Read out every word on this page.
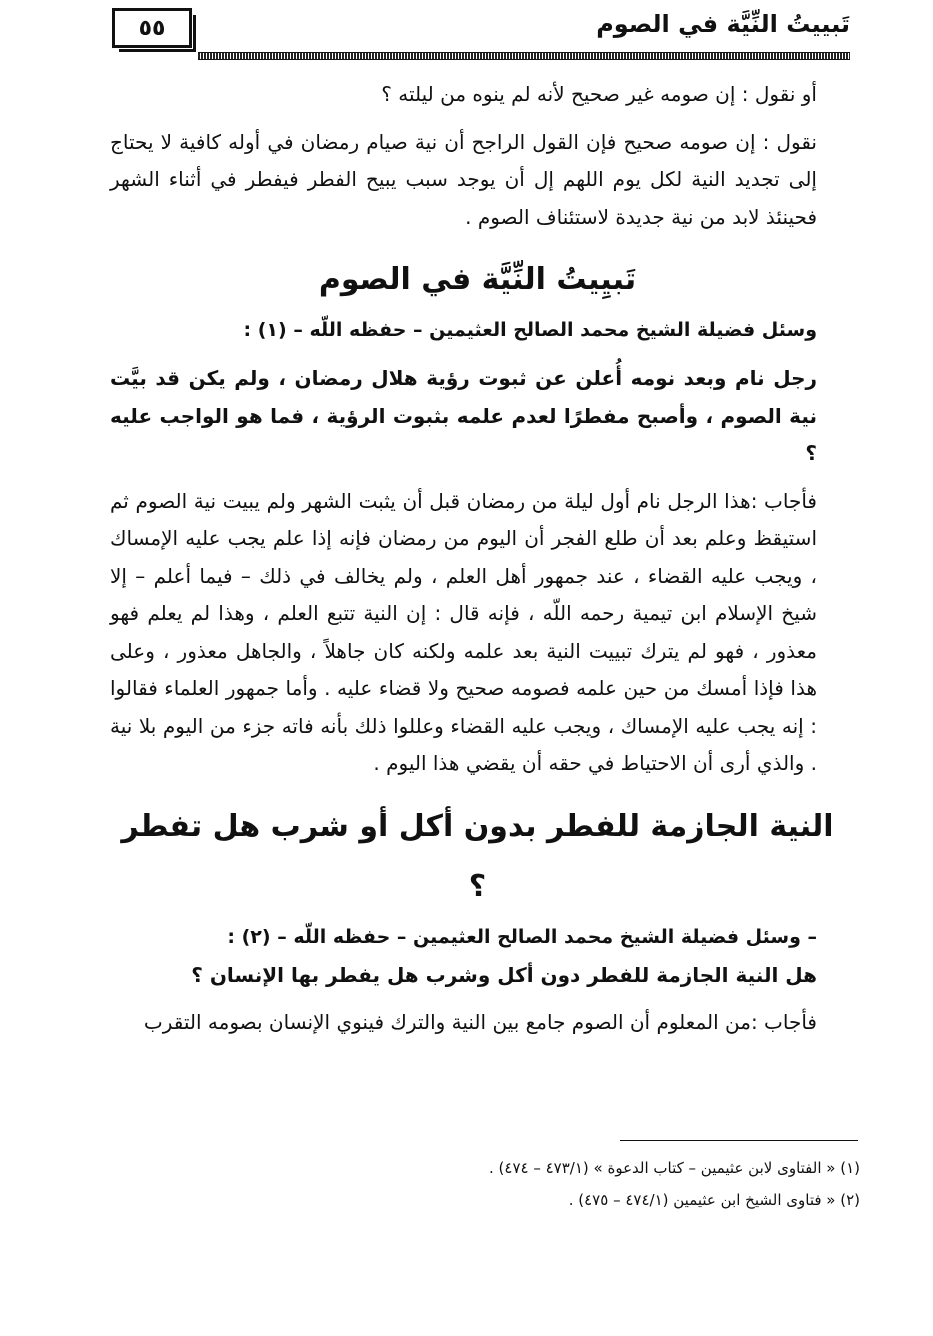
٥٥	تَبييتُ النِّيَّة في الصوم

أو نقول : إن صومه غير صحيح لأنه لم ينوه من ليلته ؟

نقول : إن صومه صحيح فإن القول الراجح أن نية صيام رمضان في أوله كافية لا يحتاج إلى تجديد النية لكل يوم اللهم إل أن يوجد سبب يبيح الفطر فيفطر في أثناء الشهر فحينئذ لابد من نية جديدة لاستئناف الصوم .

تَبيِيتُ النِّيَّة في الصوم

وسئل فضيلة الشيخ محمد الصالح العثيمين – حفظه اللّه – (١) :

رجل نام وبعد نومه أُعلن عن ثبوت رؤية هلال رمضان ، ولم يكن قد بيَّت نية الصوم ، وأصبح مفطرًا لعدم علمه بثبوت الرؤية ، فما هو الواجب عليه ؟

فأجاب :هذا الرجل نام أول ليلة من رمضان قبل أن يثبت الشهر ولم يبيت نية الصوم ثم استيقظ وعلم بعد أن طلع الفجر أن اليوم من رمضان فإنه إذا علم يجب عليه الإمساك ، ويجب عليه القضاء ، عند جمهور أهل العلم ، ولم يخالف في ذلك – فيما أعلم – إلا شيخ الإسلام ابن تيمية رحمه اللّه ، فإنه قال : إن النية تتبع العلم ، وهذا لم يعلم فهو معذور ، فهو لم يترك تبييت النية بعد علمه ولكنه كان جاهلاً ، والجاهل معذور ، وعلى هذا فإذا أمسك من حين علمه فصومه صحيح ولا قضاء عليه . وأما جمهور العلماء فقالوا : إنه يجب عليه الإمساك ، ويجب عليه القضاء وعللوا ذلك بأنه فاته جزء من اليوم بلا نية . والذي أرى أن الاحتياط في حقه أن يقضي هذا اليوم .

النية الجازمة للفطر بدون أكل أو شرب هل تفطر ؟

– وسئل فضيلة الشيخ محمد الصالح العثيمين – حفظه اللّه – (٢) :

هل النية الجازمة للفطر دون أكل وشرب هل يفطر بها الإنسان ؟

فأجاب :من المعلوم أن الصوم جامع بين النية والترك فينوي الإنسان بصومه التقرب

(١) « الفتاوى لابن عثيمين – كتاب الدعوة » (٤٧٣/١ – ٤٧٤) .

(٢) « فتاوى الشيخ ابن عثيمين (٤٧٤/١ – ٤٧٥) .
